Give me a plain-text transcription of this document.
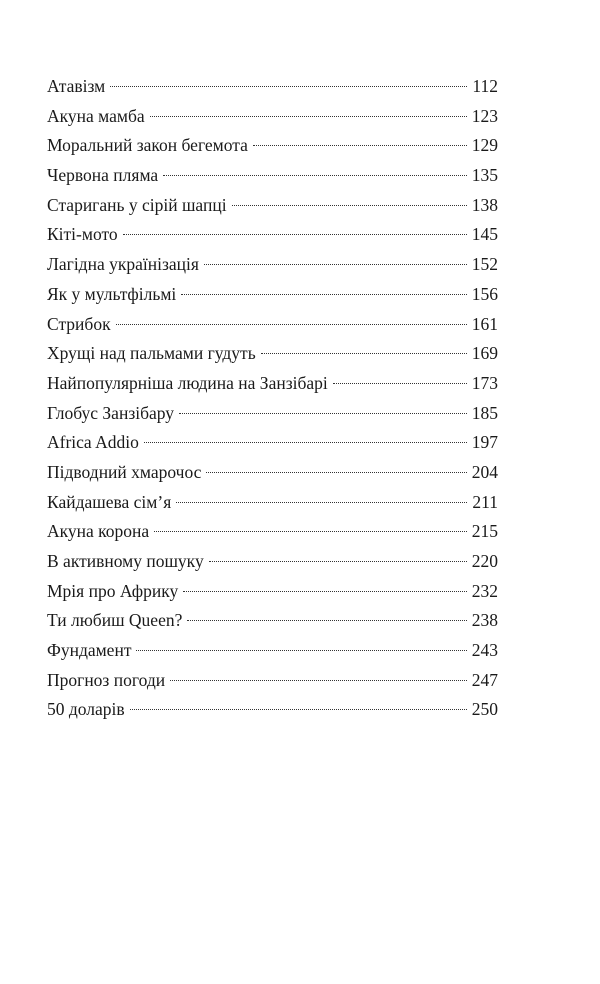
Атавізм	112
Акуна мамба	123
Моральний закон бегемота	129
Червона пляма	135
Старигань у сірій шапці	138
Кіті-мото	145
Лагідна українізація	152
Як у мультфільмі	156
Стрибок	161
Хрущі над пальмами гудуть	169
Найпопулярніша людина на Занзібарі	173
Глобус Занзібару	185
Africa Addio	197
Підводний хмарочос	204
Кайдашева сім’я	211
Акуна корона	215
В активному пошуку	220
Мрія про Африку	232
Ти любиш Queen?	238
Фундамент	243
Прогноз погоди	247
50 доларів	250
